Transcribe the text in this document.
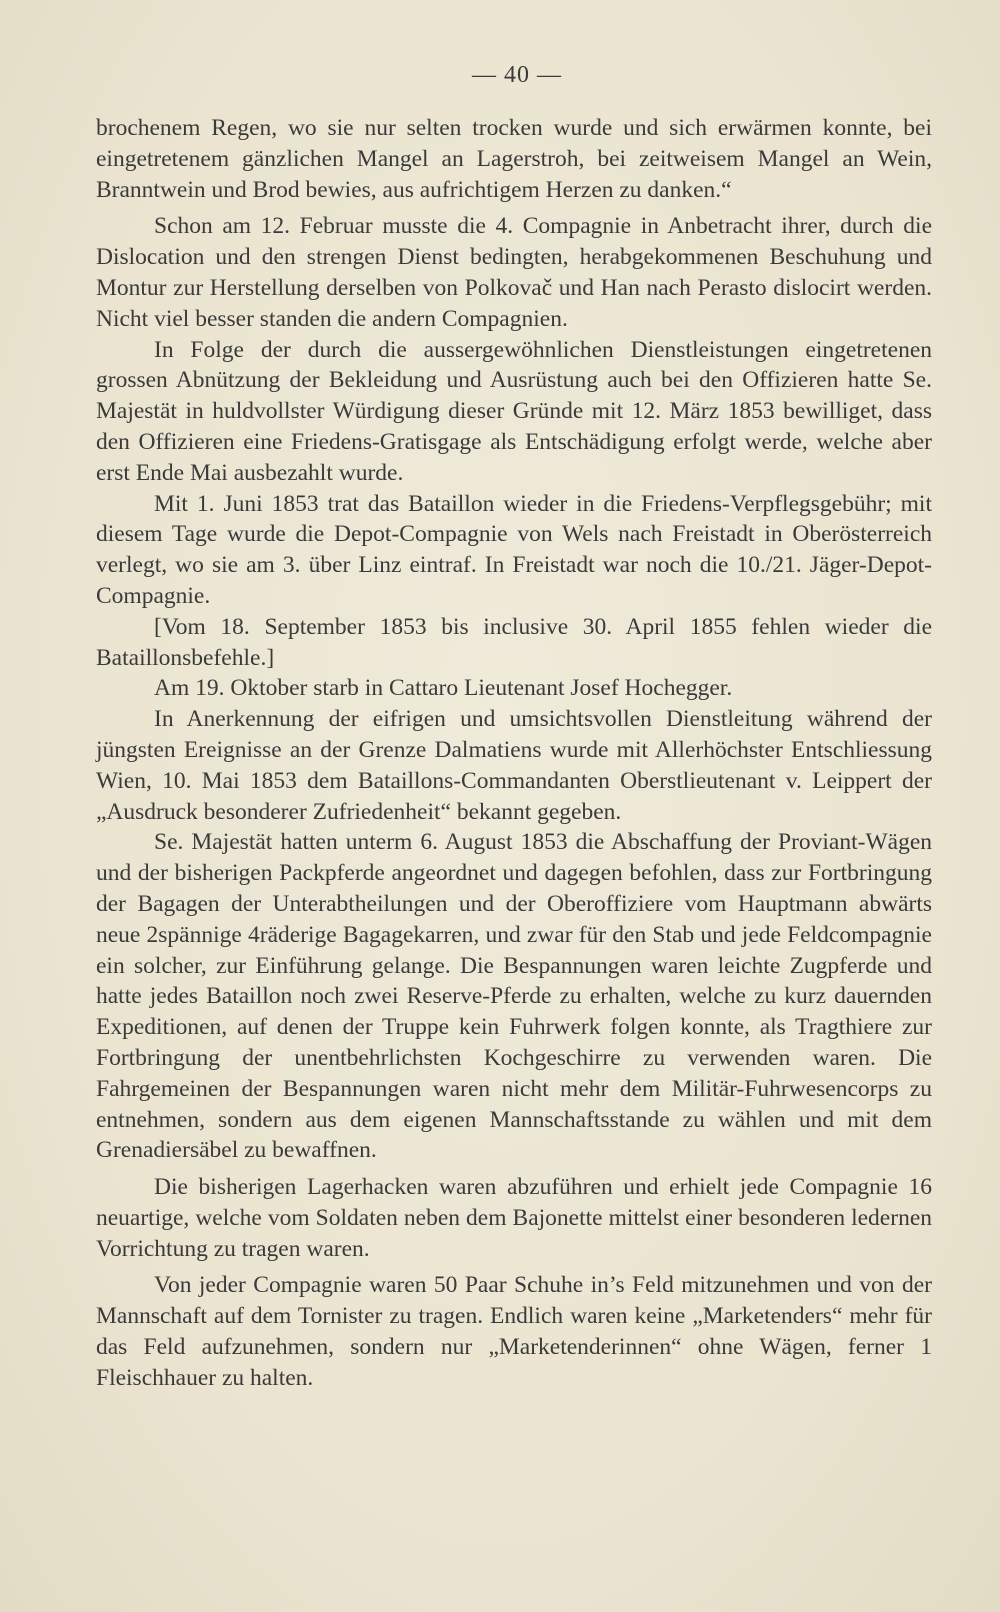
— 40 —

brochenem Regen, wo sie nur selten trocken wurde und sich erwärmen konnte, bei eingetretenem gänzlichen Mangel an Lagerstroh, bei zeitweisem Mangel an Wein, Branntwein und Brod bewies, aus aufrichtigem Herzen zu danken.“

Schon am 12. Februar musste die 4. Compagnie in Anbetracht ihrer, durch die Dislocation und den strengen Dienst bedingten, herabgekommenen Beschuhung und Montur zur Herstellung derselben von Polkovač und Han nach Perasto dislocirt werden. Nicht viel besser standen die andern Compagnien.

In Folge der durch die aussergewöhnlichen Dienstleistungen eingetretenen grossen Abnützung der Bekleidung und Ausrüstung auch bei den Offizieren hatte Se. Majestät in huldvollster Würdigung dieser Gründe mit 12. März 1853 bewilliget, dass den Offizieren eine Friedens-Gratisgage als Entschädigung erfolgt werde, welche aber erst Ende Mai ausbezahlt wurde.

Mit 1. Juni 1853 trat das Bataillon wieder in die Friedens-Verpflegsgebühr; mit diesem Tage wurde die Depot-Compagnie von Wels nach Freistadt in Oberösterreich verlegt, wo sie am 3. über Linz eintraf. In Freistadt war noch die 10./21. Jäger-Depot-Compagnie.

[Vom 18. September 1853 bis inclusive 30. April 1855 fehlen wieder die Bataillonsbefehle.]

Am 19. Oktober starb in Cattaro Lieutenant Josef Hochegger.

In Anerkennung der eifrigen und umsichtsvollen Dienstleitung während der jüngsten Ereignisse an der Grenze Dalmatiens wurde mit Allerhöchster Entschliessung Wien, 10. Mai 1853 dem Bataillons-Commandanten Oberstlieutenant v. Leippert der „Ausdruck besonderer Zufriedenheit“ bekannt gegeben.

Se. Majestät hatten unterm 6. August 1853 die Abschaffung der Proviant-Wägen und der bisherigen Packpferde angeordnet und dagegen befohlen, dass zur Fortbringung der Bagagen der Unterabtheilungen und der Oberoffiziere vom Hauptmann abwärts neue 2spännige 4räderige Bagagekarren, und zwar für den Stab und jede Feldcompagnie ein solcher, zur Einführung gelange. Die Bespannungen waren leichte Zugpferde und hatte jedes Bataillon noch zwei Reserve-Pferde zu erhalten, welche zu kurz dauernden Expeditionen, auf denen der Truppe kein Fuhrwerk folgen konnte, als Tragthiere zur Fortbringung der unentbehrlichsten Kochgeschirre zu verwenden waren. Die Fahrgemeinen der Bespannungen waren nicht mehr dem Militär-Fuhrwesencorps zu entnehmen, sondern aus dem eigenen Mannschaftsstande zu wählen und mit dem Grenadiersäbel zu bewaffnen.

Die bisherigen Lagerhacken waren abzuführen und erhielt jede Compagnie 16 neuartige, welche vom Soldaten neben dem Bajonette mittelst einer besonderen ledernen Vorrichtung zu tragen waren.

Von jeder Compagnie waren 50 Paar Schuhe in’s Feld mitzunehmen und von der Mannschaft auf dem Tornister zu tragen. Endlich waren keine „Marketenders“ mehr für das Feld aufzunehmen, sondern nur „Marketenderinnen“ ohne Wägen, ferner 1 Fleischhauer zu halten.
